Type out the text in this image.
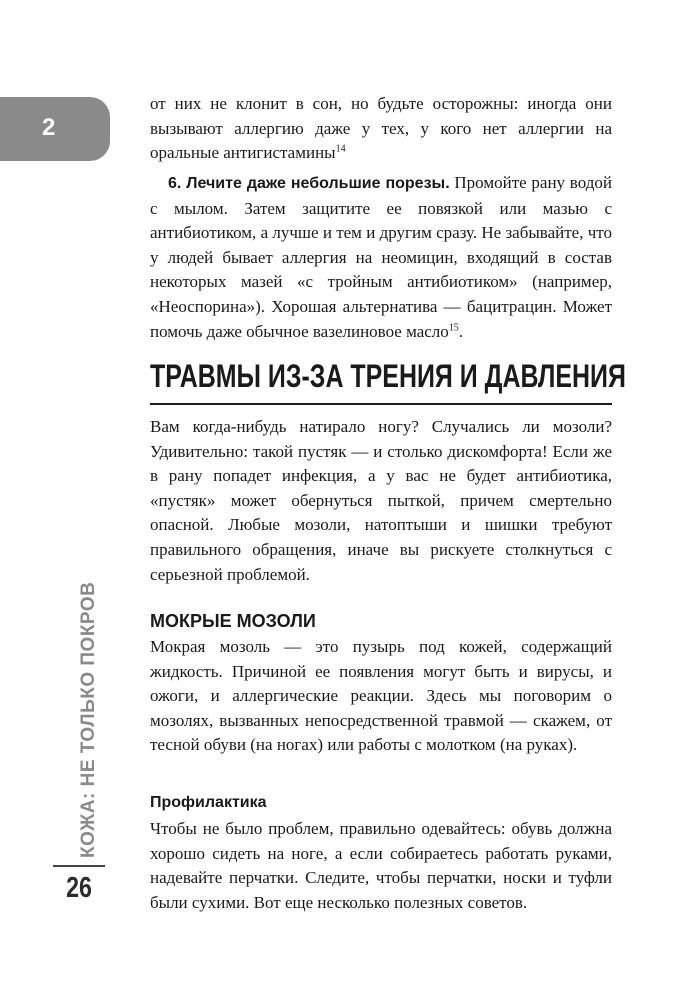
2
КОЖА: НЕ ТОЛЬКО ПОКРОВ
26

от них не клонит в сон, но будьте осторожны: иногда они вызывают аллергию даже у тех, у кого нет аллергии на оральные антигистамины$^{14}$

6. Лечите даже небольшие порезы. Промойте рану водой с мылом. Затем защитите ее повязкой или мазью с антибиотиком, а лучше и тем и другим сразу. Не забывайте, что у людей бывает аллергия на неомицин, входящий в состав некоторых мазей «с тройным антибиотиком» (например, «Неоспорина»). Хорошая альтернатива — бацитрацин. Может помочь даже обычное вазелиновое масло$^{15}$.

ТРАВМЫ ИЗ-ЗА ТРЕНИЯ И ДАВЛЕНИЯ

Вам когда-нибудь натирало ногу? Случались ли мозоли? Удивительно: такой пустяк — и столько дискомфорта! Если же в рану попадет инфекция, а у вас не будет антибиотика, «пустяк» может обернуться пыткой, причем смертельно опасной. Любые мозоли, натоптыши и шишки требуют правильного обращения, иначе вы рискуете столкнуться с серьезной проблемой.

МОКРЫЕ МОЗОЛИ

Мокрая мозоль — это пузырь под кожей, содержащий жидкость. Причиной ее появления могут быть и вирусы, и ожоги, и аллергические реакции. Здесь мы поговорим о мозолях, вызванных непосредственной травмой — скажем, от тесной обуви (на ногах) или работы с молотком (на руках).

Профилактика

Чтобы не было проблем, правильно одевайтесь: обувь должна хорошо сидеть на ноге, а если собираетесь работать руками, надевайте перчатки. Следите, чтобы перчатки, носки и туфли были сухими. Вот еще несколько полезных советов.
